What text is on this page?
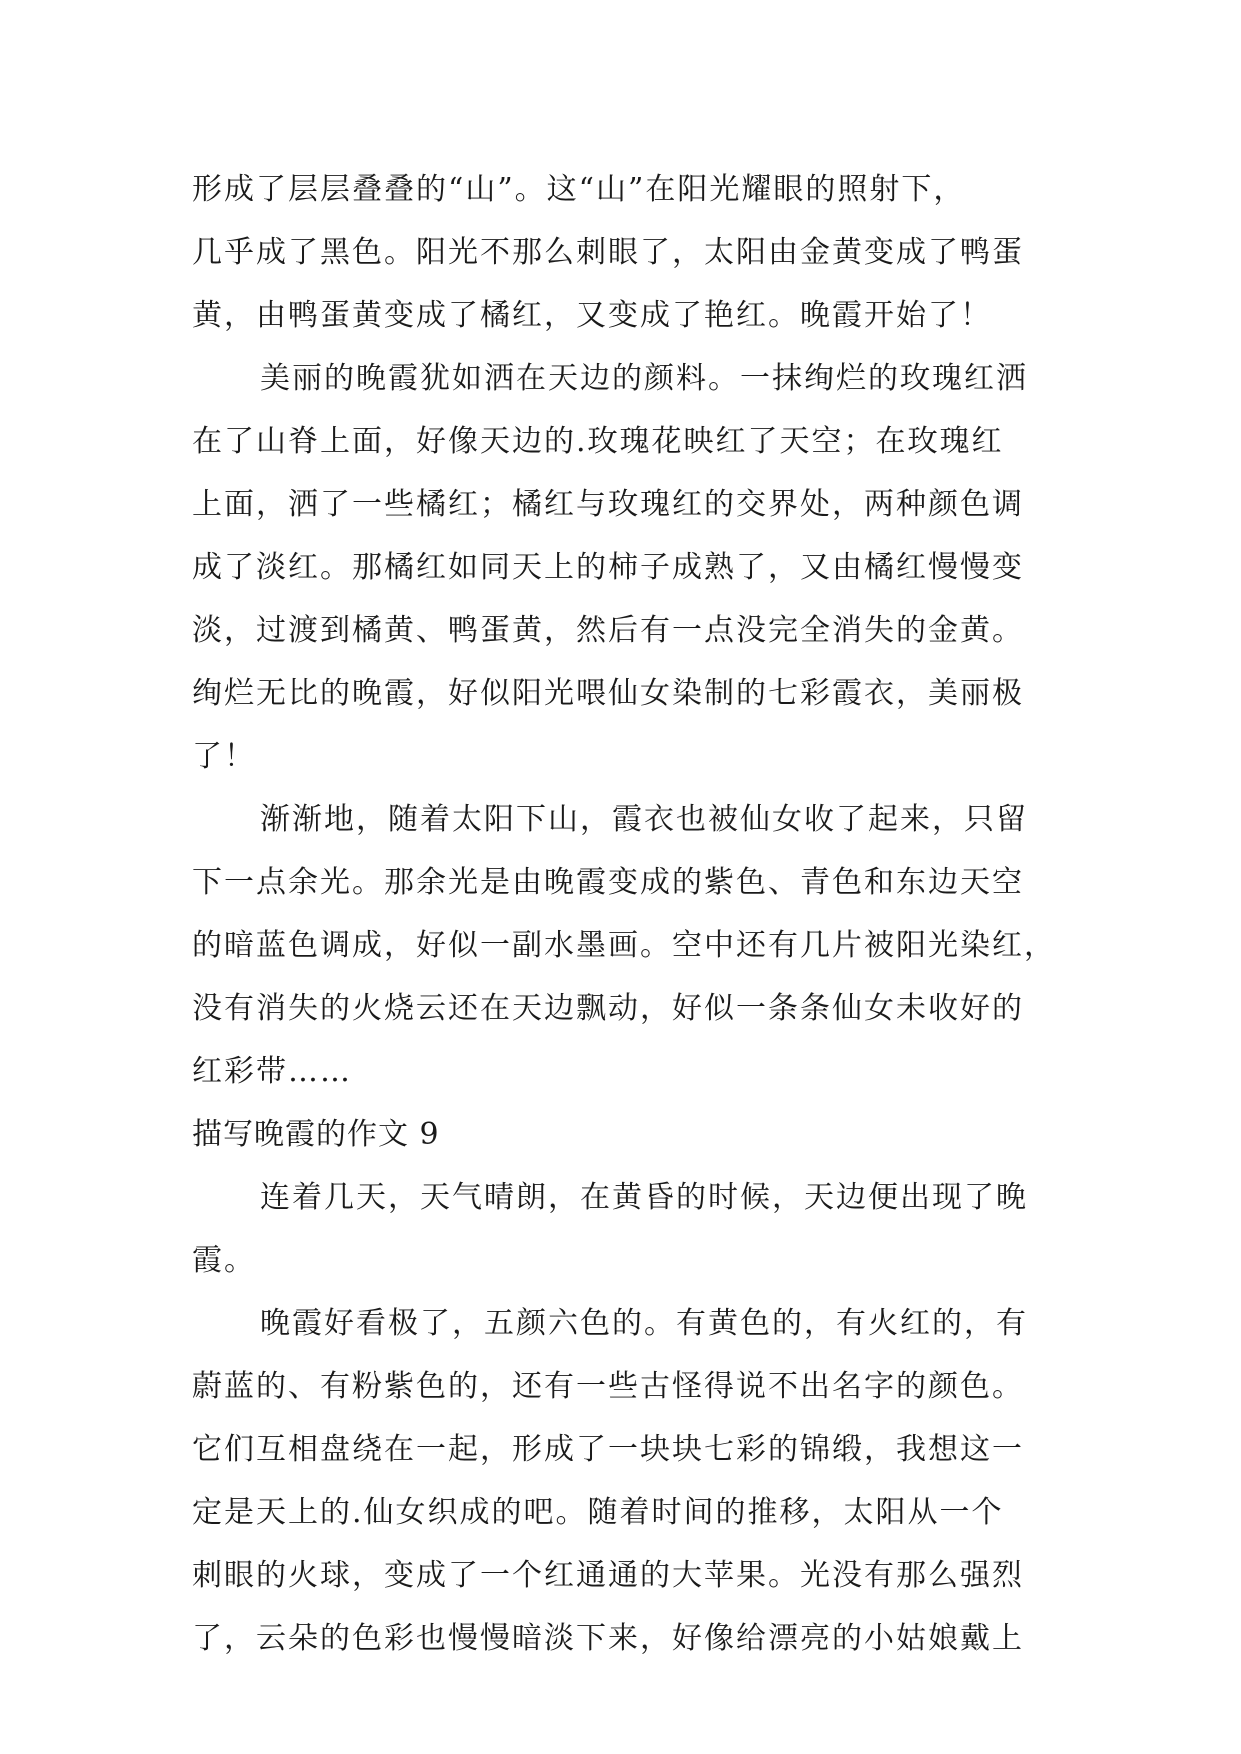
形成了层层叠叠的“山”。这“山”在阳光耀眼的照射下，
几乎成了黑色。阳光不那么刺眼了，太阳由金黄变成了鸭蛋
黄，由鸭蛋黄变成了橘红，又变成了艳红。晚霞开始了！
美丽的晚霞犹如洒在天边的颜料。一抹绚烂的玫瑰红洒
在了山脊上面，好像天边的.玫瑰花映红了天空；在玫瑰红
上面，洒了一些橘红；橘红与玫瑰红的交界处，两种颜色调
成了淡红。那橘红如同天上的柿子成熟了，又由橘红慢慢变
淡，过渡到橘黄、鸭蛋黄，然后有一点没完全消失的金黄。
绚烂无比的晚霞，好似阳光喂仙女染制的七彩霞衣，美丽极
了！
渐渐地，随着太阳下山，霞衣也被仙女收了起来，只留
下一点余光。那余光是由晚霞变成的紫色、青色和东边天空
的暗蓝色调成，好似一副水墨画。空中还有几片被阳光染红，
没有消失的火烧云还在天边飘动，好似一条条仙女未收好的
红彩带……
描写晚霞的作文 9
连着几天，天气晴朗，在黄昏的时候，天边便出现了晚
霞。
晚霞好看极了，五颜六色的。有黄色的，有火红的，有
蔚蓝的、有粉紫色的，还有一些古怪得说不出名字的颜色。
它们互相盘绕在一起，形成了一块块七彩的锦缎，我想这一
定是天上的.仙女织成的吧。随着时间的推移，太阳从一个
刺眼的火球，变成了一个红通通的大苹果。光没有那么强烈
了，云朵的色彩也慢慢暗淡下来，好像给漂亮的小姑娘戴上
